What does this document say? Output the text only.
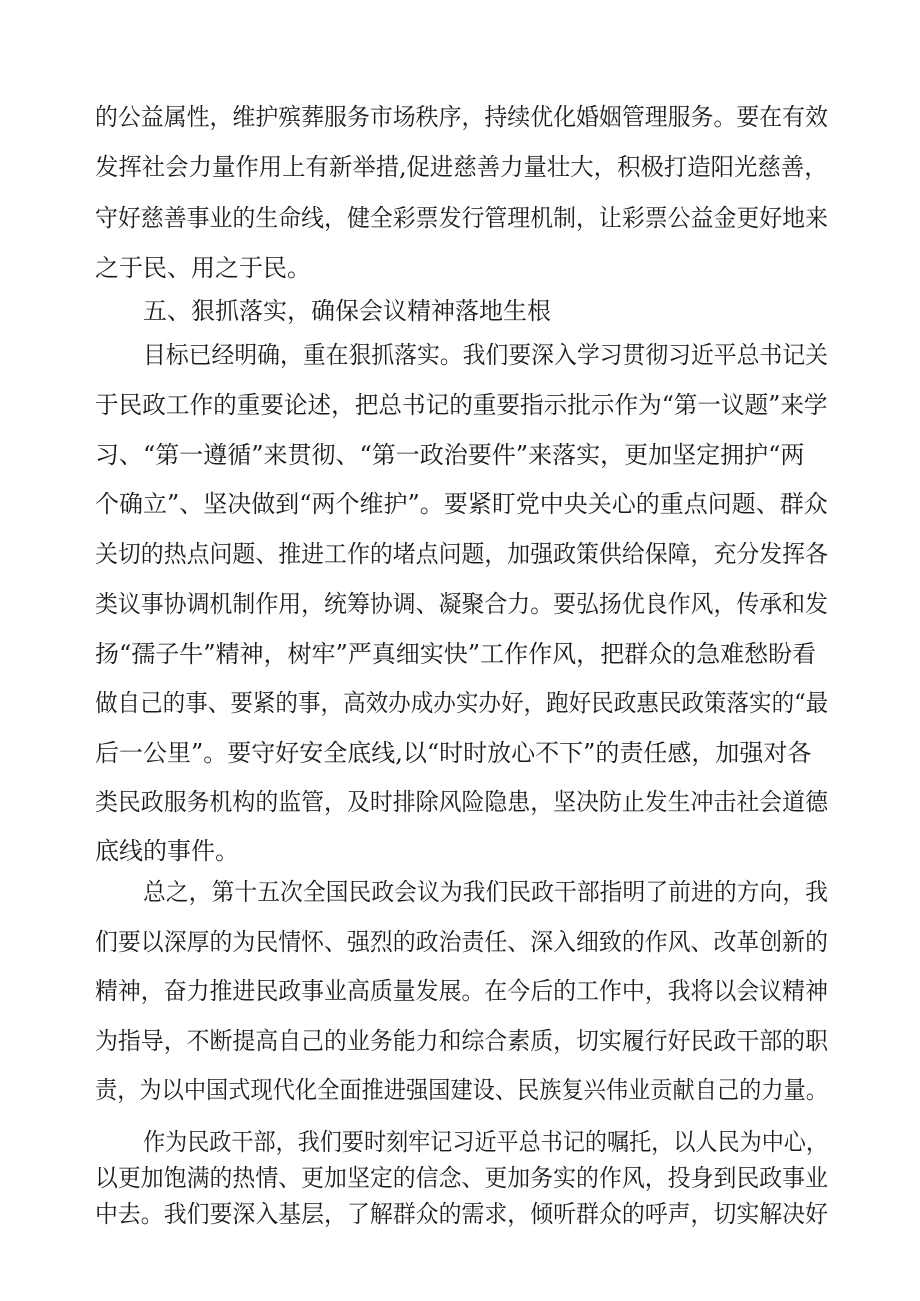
的公益属性，维护殡葬服务市场秩序，持续优化婚姻管理服务。要在有效
发挥社会力量作用上有新举措,促进慈善力量壮大，积极打造阳光慈善，
守好慈善事业的生命线，健全彩票发行管理机制，让彩票公益金更好地来
之于民、用之于民。
五、狠抓落实，确保会议精神落地生根
目标已经明确，重在狠抓落实。我们要深入学习贯彻习近平总书记关
于民政工作的重要论述，把总书记的重要指示批示作为“第一议题”来学
习、“第一遵循”来贯彻、“第一政治要件”来落实，更加坚定拥护“两
个确立”、坚决做到“两个维护”。要紧盯党中央关心的重点问题、群众
关切的热点问题、推进工作的堵点问题，加强政策供给保障，充分发挥各
类议事协调机制作用，统筹协调、凝聚合力。要弘扬优良作风，传承和发
扬“孺子牛”精神，树牢”严真细实快”工作作风，把群众的急难愁盼看
做自己的事、要紧的事，高效办成办实办好，跑好民政惠民政策落实的“最
后一公里”。要守好安全底线,以“时时放心不下”的责任感，加强对各
类民政服务机构的监管，及时排除风险隐患，坚决防止发生冲击社会道德
底线的事件。
总之，第十五次全国民政会议为我们民政干部指明了前进的方向，我
们要以深厚的为民情怀、强烈的政治责任、深入细致的作风、改革创新的
精神，奋力推进民政事业高质量发展。在今后的工作中，我将以会议精神
为指导，不断提高自己的业务能力和综合素质，切实履行好民政干部的职
责，为以中国式现代化全面推进强国建设、民族复兴伟业贡献自己的力量。
作为民政干部，我们要时刻牢记习近平总书记的嘱托，以人民为中心，
以更加饱满的热情、更加坚定的信念、更加务实的作风，投身到民政事业
中去。我们要深入基层，了解群众的需求，倾听群众的呼声，切实解决好
